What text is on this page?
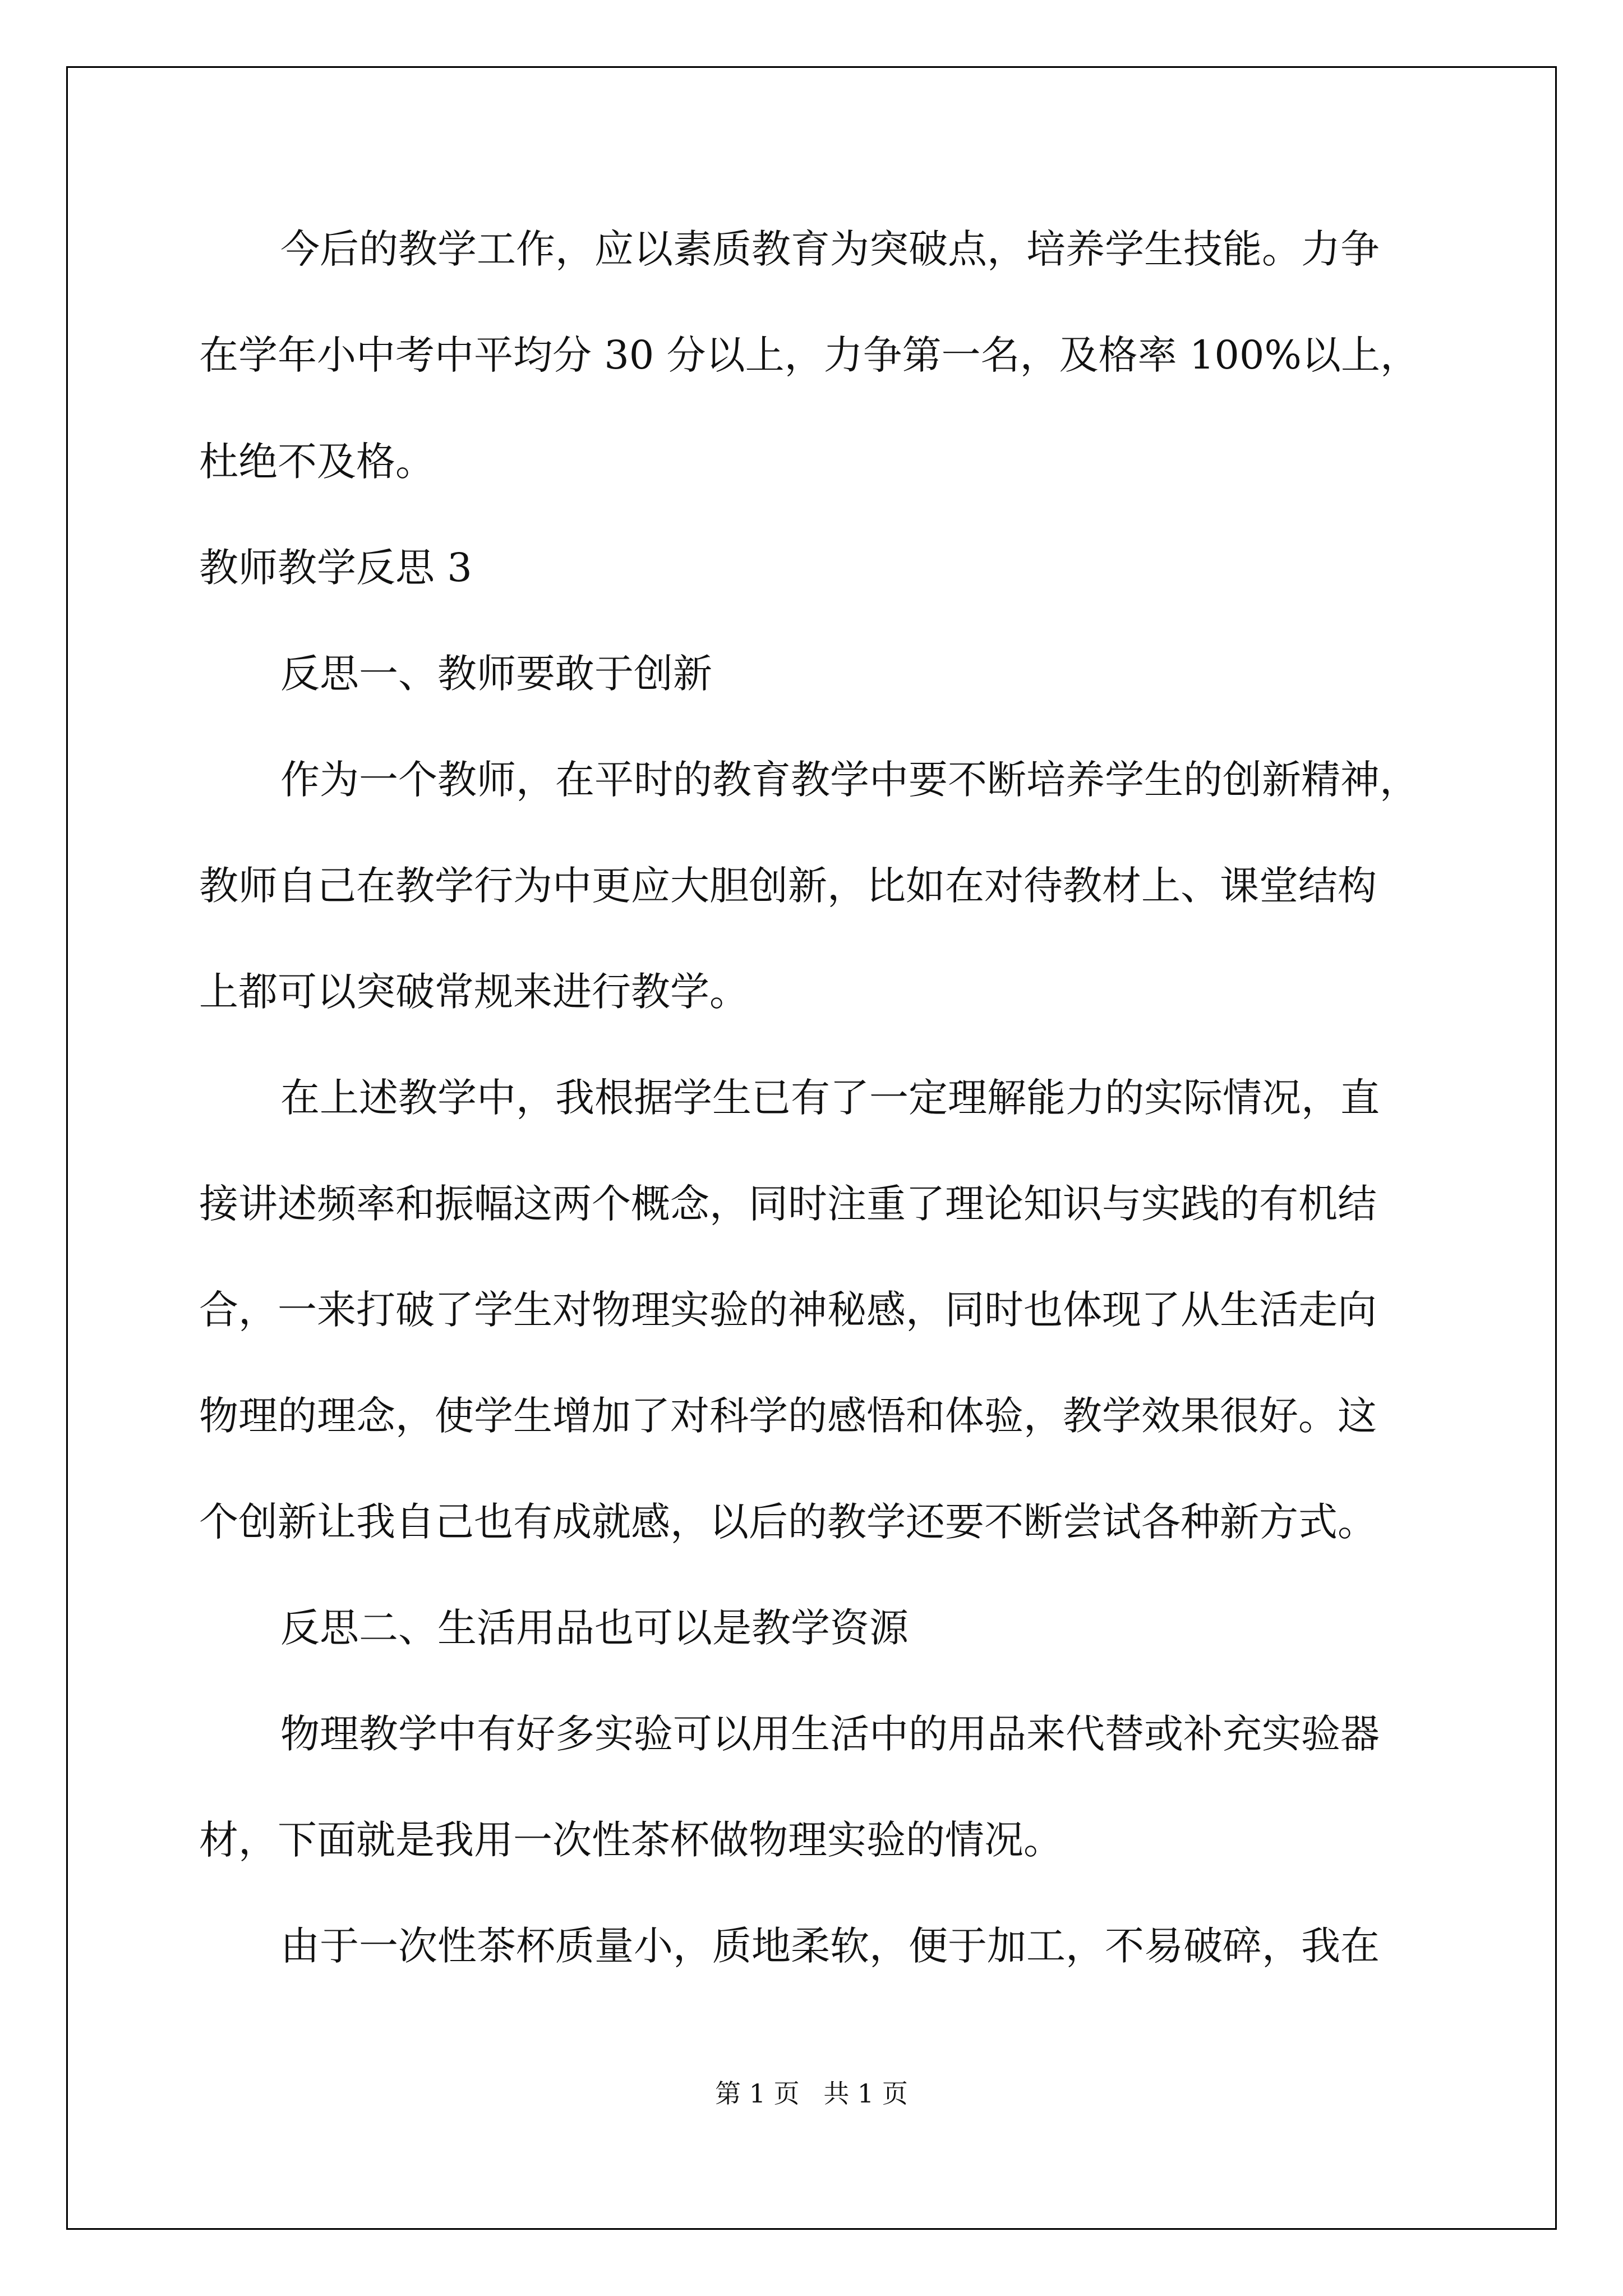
今后的教学工作，应以素质教育为突破点，培养学生技能。力争

在学年小中考中平均分 30 分以上，力争第一名，及格率 100%以上，

杜绝不及格。

教师教学反思 3

反思一、教师要敢于创新

作为一个教师，在平时的教育教学中要不断培养学生的创新精神，

教师自己在教学行为中更应大胆创新，比如在对待教材上、课堂结构

上都可以突破常规来进行教学。

在上述教学中，我根据学生已有了一定理解能力的实际情况，直

接讲述频率和振幅这两个概念，同时注重了理论知识与实践的有机结

合，一来打破了学生对物理实验的神秘感，同时也体现了从生活走向

物理的理念，使学生增加了对科学的感悟和体验，教学效果很好。这

个创新让我自己也有成就感，以后的教学还要不断尝试各种新方式。

反思二、生活用品也可以是教学资源

物理教学中有好多实验可以用生活中的用品来代替或补充实验器

材，下面就是我用一次性茶杯做物理实验的情况。

由于一次性茶杯质量小，质地柔软，便于加工，不易破碎，我在

第 1 页 共 1 页
